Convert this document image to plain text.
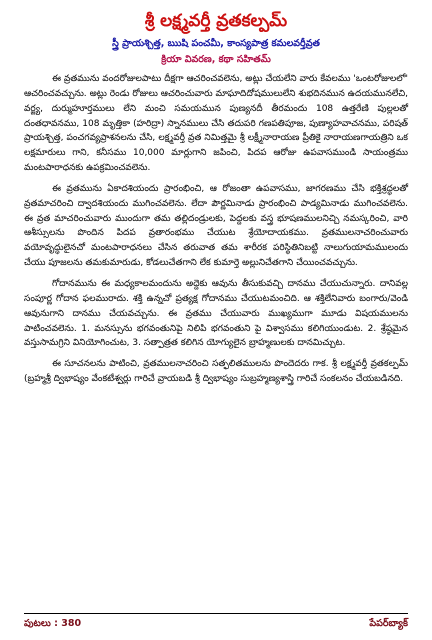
శ్రీ లక్ష్మవర్తీ వ్రతకల్పమ్
స్త్రీ ప్రాయశ్చిత్త, ఋషి పంచమీ, కాంస్యపాత్ర కమలవర్తీవ్రత
క్రియా వివరణ, కథా సహితమ్

ఈ వ్రతమును వందరోజులపాటు దీక్షగా ఆచరించవలెను, అట్లు చేయలేని వారు కేవలము 'ఒంటరోజులలో' ఆచరించవచ్చును. అట్లు రెండు రోజులు ఆచరించువారు మాఘాదిదోషములులేని శుభదినమున ఉదయమునలేచి, వర్జ్య, దుర్ముహూర్తములు లేని మంచి సమయమున పుణ్యనదీ తీరమందు 108 ఉత్తరేణి పుల్లలతో దంతధావనము, 108 మృత్తికా (హరిద్రా) స్నానములు చేసి తదుపరి గణపతిపూజ, పుణ్యాహవాచనము, పరిషత్ ప్రాయశ్చిత్త, పంచగవ్యప్రాశనలను చేసి, లక్ష్మవర్తీ వ్రత నిమిత్తమై శ్రీ లక్ష్మీనారాయణ ప్రీతికై నారాయణగాయత్రిని ఒక లక్షమారులు గాని, కనీసము 10,000 మార్లుగాని జపించి, పిదప ఆరోజు ఉపవాసముండి సాయంత్రము మంటపారాధనకు ఉపక్రమించవలెను.

ఈ వ్రతమును ఏకాదశియందు ప్రారంభించి, ఆ రోజంతా ఉపవాసము, జాగరణము చేసి భక్తిశ్రద్ధలతో వ్రతమాచరించి ద్వాదశియందు ముగించవలెను. లేదా పౌర్ణమినాడు ప్రారంభించి పాడ్యమినాడు ముగించవలెను. ఈ వ్రత మాచరించువారు ముందుగా తమ తల్లిదండ్రులకు, పెద్దలకు వస్త్ర భూషణములనిచ్చి నమస్కరించి, వారి ఆశీస్సులను పొందిన పిదప వ్రతారంభము చేయుట శ్రేయోదాయకము. వ్రతములనాచరించువారు వయోవృద్ధులైనచో మంటపారాధనలు చేసిన తరువాత తమ శారీరక పరిస్థితినిబట్టి నాలుగుయామములందు చేయు పూజలను తమకుమారుడు, కోడలుచేతగాని లేక కుమార్తె అల్లునిచేతగాని చేయించవచ్చును.

గోదానమును ఈ మధ్యకాలమందును అద్దెకు ఆవును తీసుకువచ్చి దానము చేయుచున్నారు. దానివల్ల సంపూర్ణ గోదాన ఫలమురాదు. శక్తి ఉన్నచో ప్రత్యక్ష గోదానము చేయుటమంచిది. ఆ శక్తిలేనివారు బంగారు/వెండి ఆవునుగాని దానము చేయవచ్చును. ఈ వ్రతము చేయువారు ముఖ్యముగా మూడు విషయములను పాటించవలెను. 1. మనస్సును భగవంతునిపై నిలిపి భగవంతుని పై విశ్వాసము కలిగియుండుట. 2. శ్రేష్ఠమైన వస్తుసామగ్రిని వినియోగించుట, 3. సత్పాత్రత కలిగిన యోగ్యులైన బ్రాహ్మణులకు దానమిచ్చుట.

ఈ సూచనలను పాటించి, వ్రతములనాచరించి సత్ఫలితములను పొందెదరు గాక. శ్రీ లక్ష్మవర్తీ వ్రతకల్పమ్ (బ్రహ్మశ్రీ ద్విభాష్యం వేంకటేశ్వర్లు గారిచే వ్రాయబడి శ్రీ ద్విభాష్యం సుబ్రహ్మణ్యశాస్త్రి గారిచే సంకలనం చేయబడినది.

పుటలు : 380	పేపర్‌బ్యాక్
